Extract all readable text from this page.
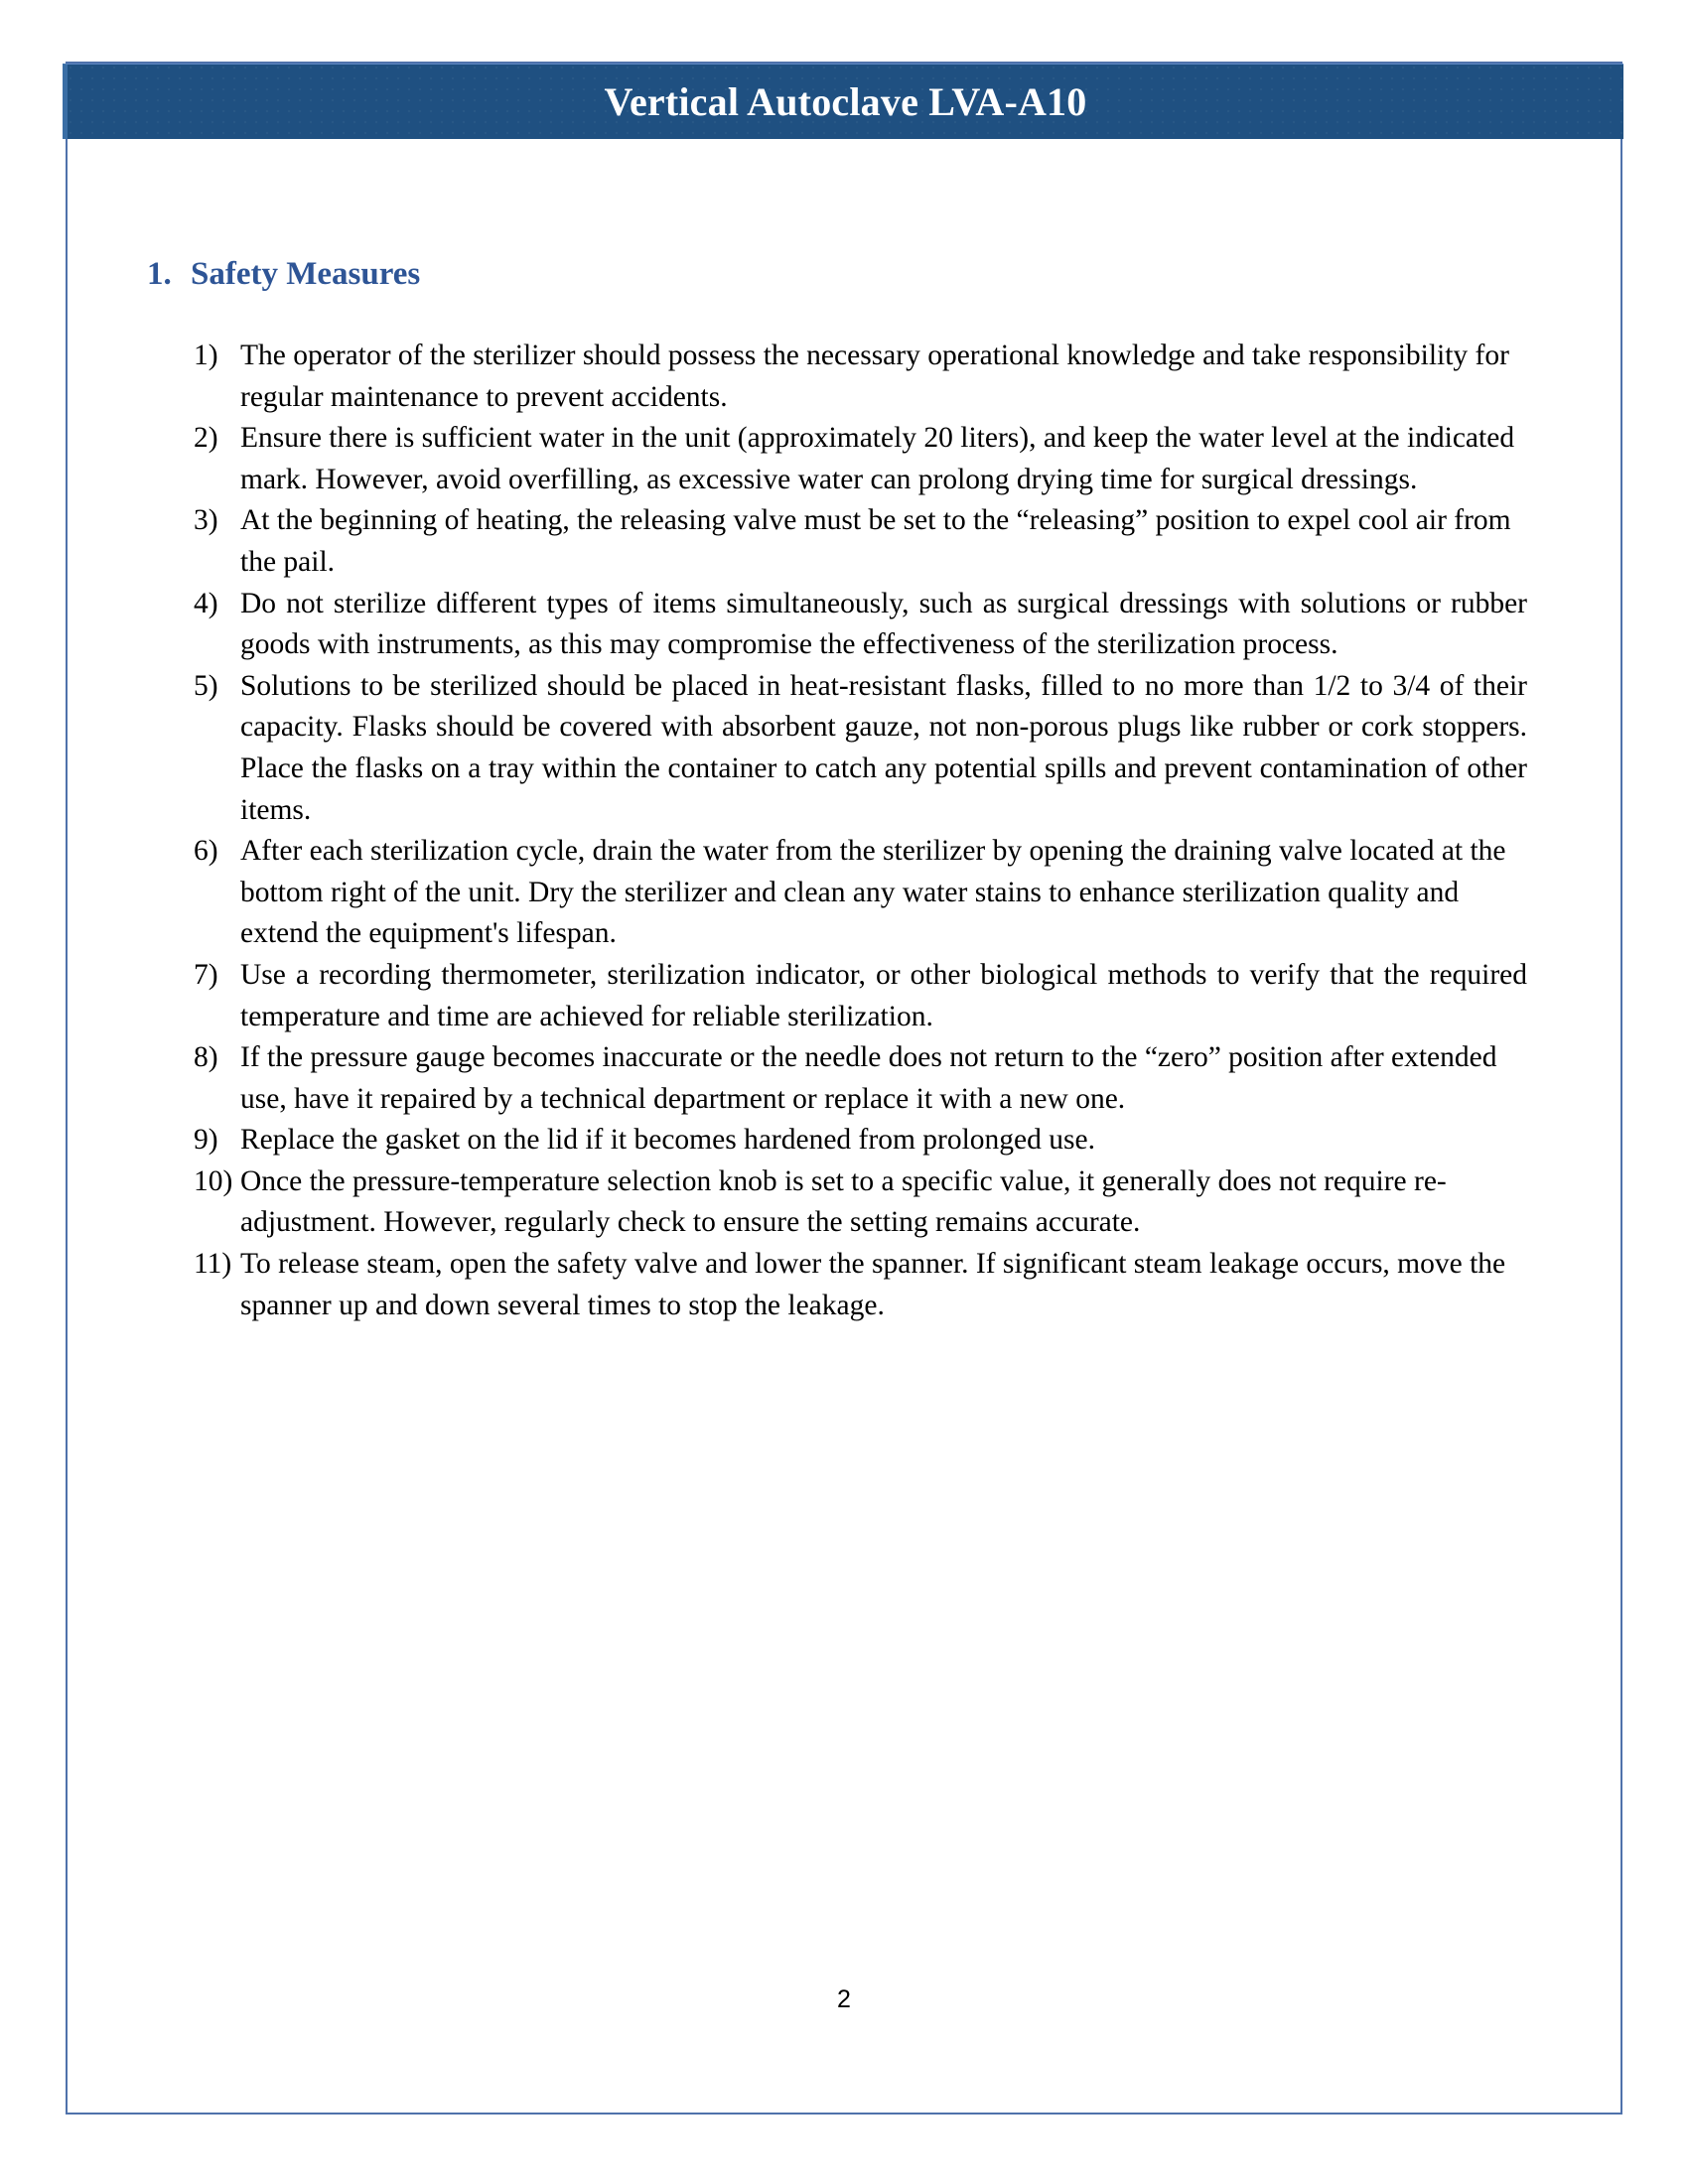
Vertical Autoclave LVA-A10
1. Safety Measures
1) The operator of the sterilizer should possess the necessary operational knowledge and take responsibility for regular maintenance to prevent accidents.
2) Ensure there is sufficient water in the unit (approximately 20 liters), and keep the water level at the indicated mark. However, avoid overfilling, as excessive water can prolong drying time for surgical dressings.
3) At the beginning of heating, the releasing valve must be set to the “releasing” position to expel cool air from the pail.
4) Do not sterilize different types of items simultaneously, such as surgical dressings with solutions or rubber goods with instruments, as this may compromise the effectiveness of the sterilization process.
5) Solutions to be sterilized should be placed in heat-resistant flasks, filled to no more than 1/2 to 3/4 of their capacity. Flasks should be covered with absorbent gauze, not non-porous plugs like rubber or cork stoppers. Place the flasks on a tray within the container to catch any potential spills and prevent contamination of other items.
6) After each sterilization cycle, drain the water from the sterilizer by opening the draining valve located at the bottom right of the unit. Dry the sterilizer and clean any water stains to enhance sterilization quality and extend the equipment's lifespan.
7) Use a recording thermometer, sterilization indicator, or other biological methods to verify that the required temperature and time are achieved for reliable sterilization.
8) If the pressure gauge becomes inaccurate or the needle does not return to the “zero” position after extended use, have it repaired by a technical department or replace it with a new one.
9) Replace the gasket on the lid if it becomes hardened from prolonged use.
10) Once the pressure-temperature selection knob is set to a specific value, it generally does not require re-adjustment. However, regularly check to ensure the setting remains accurate.
11) To release steam, open the safety valve and lower the spanner. If significant steam leakage occurs, move the spanner up and down several times to stop the leakage.
2
